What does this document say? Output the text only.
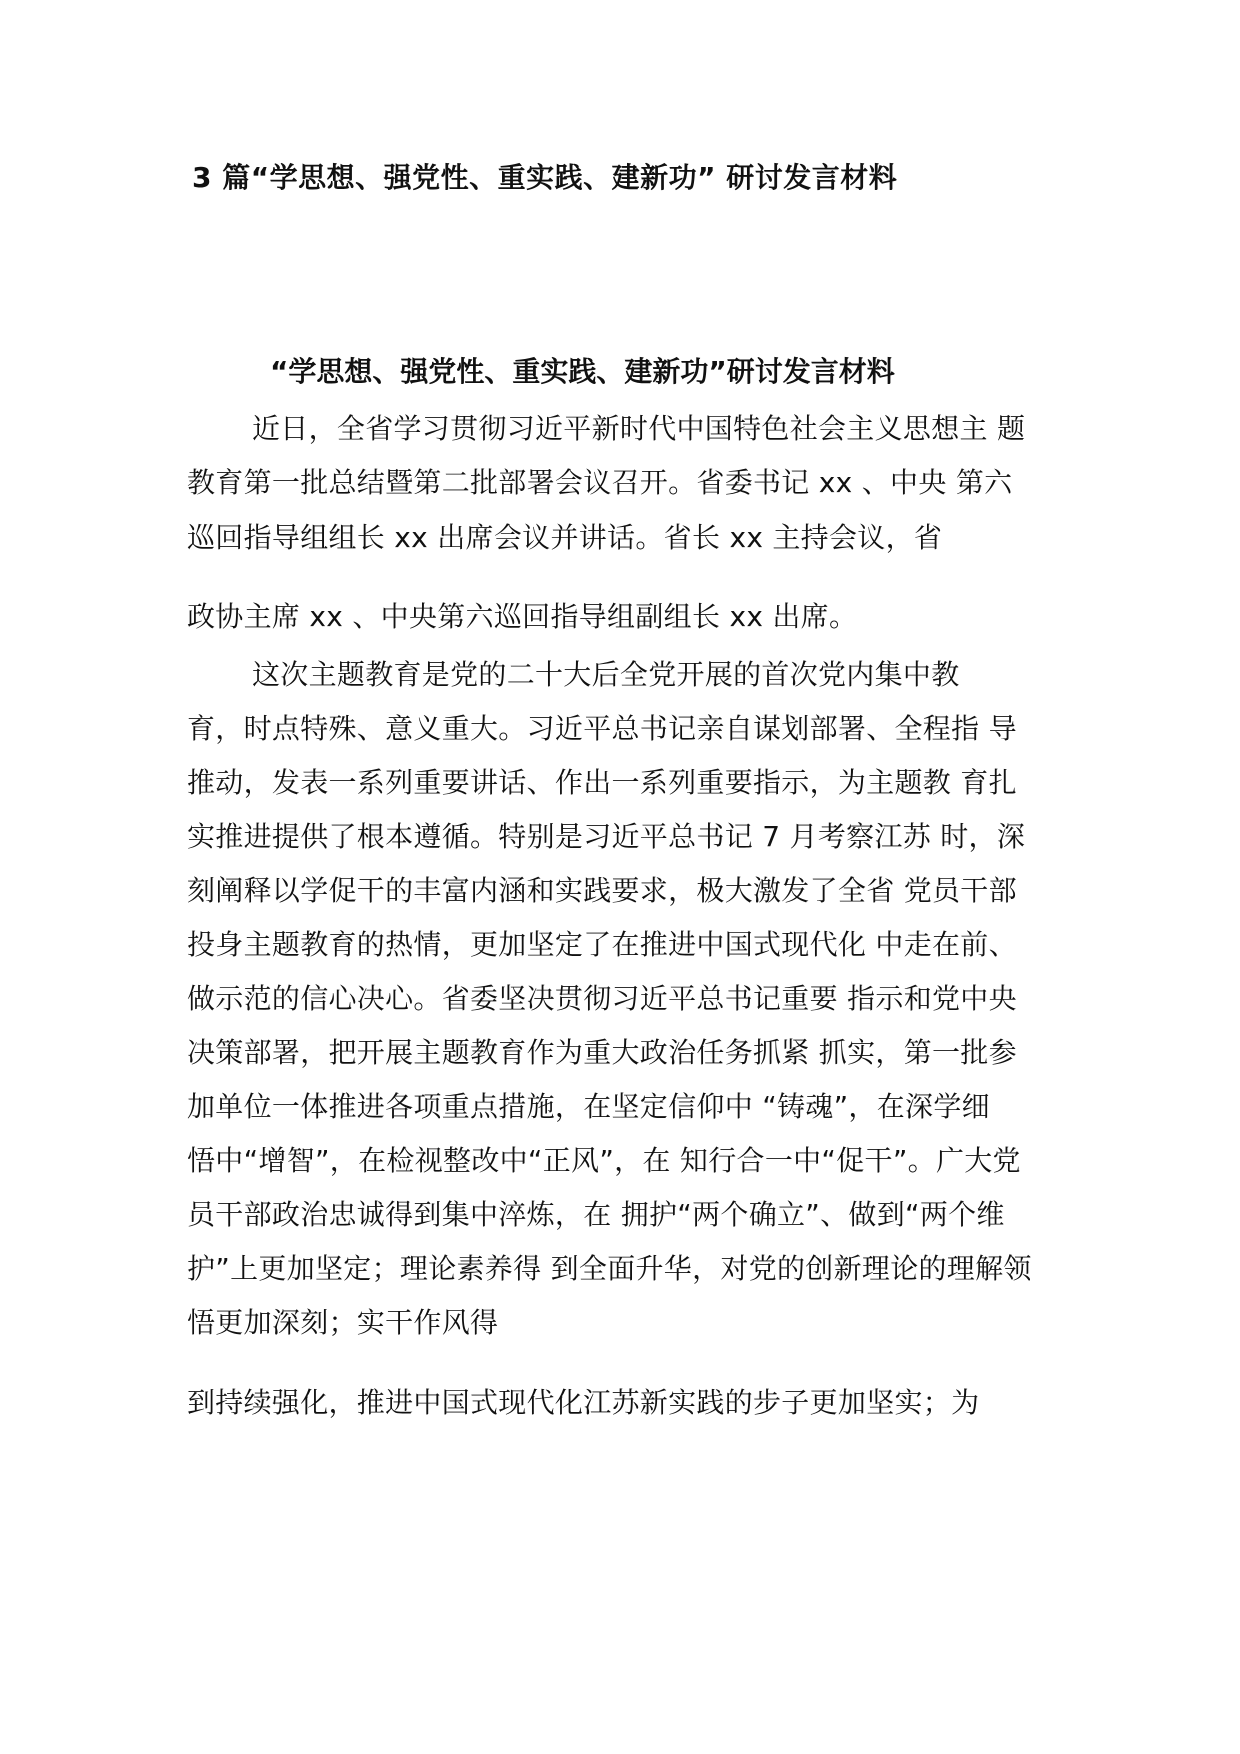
3 篇“学思想、强党性、重实践、建新功” 研讨发言材料
“学思想、强党性、重实践、建新功”研讨发言材料
近日，全省学习贯彻习近平新时代中国特色社会主义思想主 题
教育第一批总结暨第二批部署会议召开。省委书记 xx 、中央 第六
巡回指导组组长 xx 出席会议并讲话。省长 xx 主持会议，省
政协主席 xx 、中央第六巡回指导组副组长 xx 出席。
这次主题教育是党的二十大后全党开展的首次党内集中教
育，时点特殊、意义重大。习近平总书记亲自谋划部署、全程指 导
推动，发表一系列重要讲话、作出一系列重要指示，为主题教 育扎
实推进提供了根本遵循。特别是习近平总书记 7 月考察江苏 时，深
刻阐释以学促干的丰富内涵和实践要求，极大激发了全省 党员干部
投身主题教育的热情，更加坚定了在推进中国式现代化 中走在前、
做示范的信心决心。省委坚决贯彻习近平总书记重要 指示和党中央
决策部署，把开展主题教育作为重大政治任务抓紧 抓实，第一批参
加单位一体推进各项重点措施，在坚定信仰中 “铸魂”，在深学细
悟中“增智”，在检视整改中“正风”，在 知行合一中“促干”。广大党
员干部政治忠诚得到集中淬炼，在 拥护“两个确立”、做到“两个维
护”上更加坚定；理论素养得 到全面升华，对党的创新理论的理解领
悟更加深刻；实干作风得
到持续强化，推进中国式现代化江苏新实践的步子更加坚实；为
